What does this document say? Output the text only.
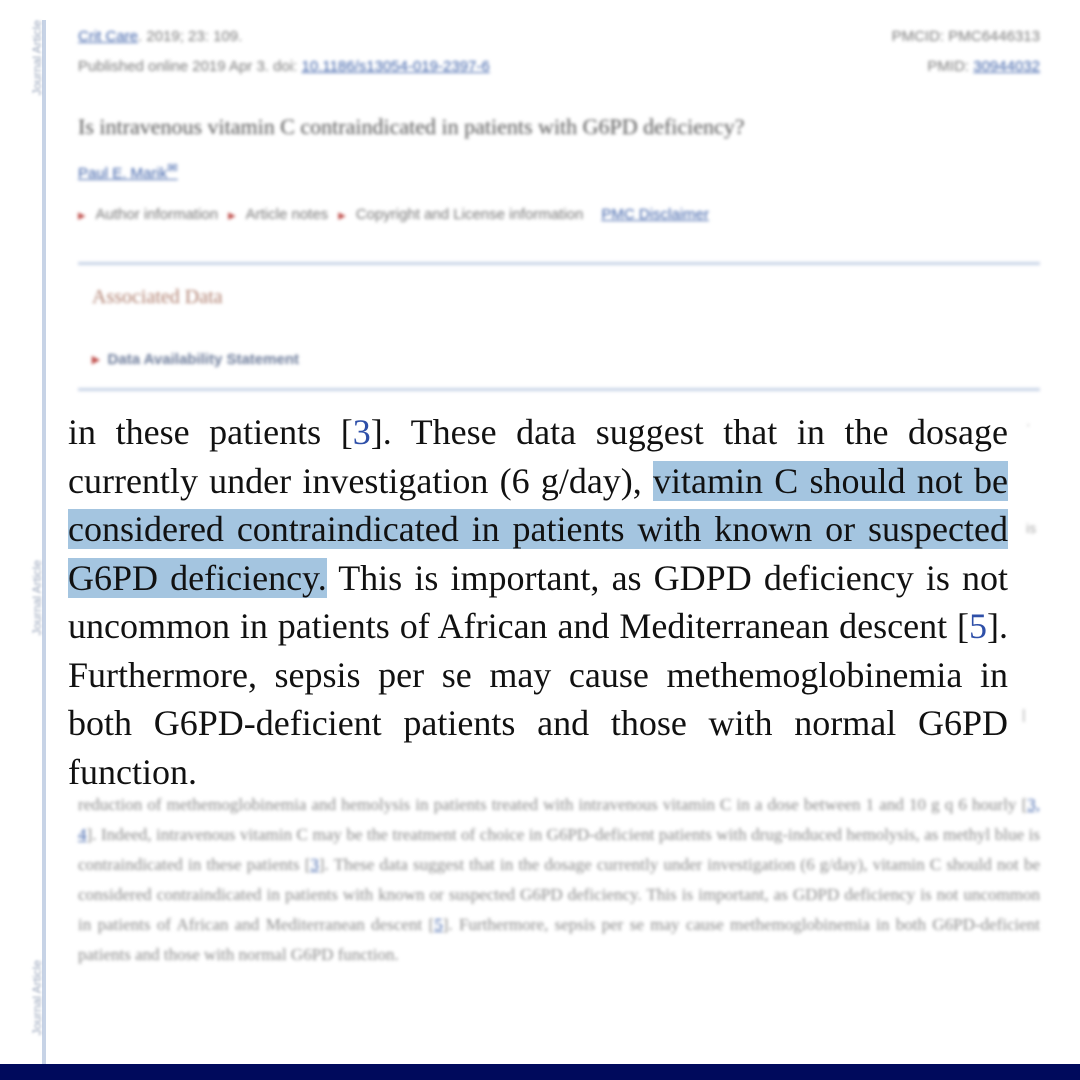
Journal Article
Journal Article
Journal Article
Crit Care. 2019; 23: 109.
Published online 2019 Apr 3. doi: 10.1186/s13054-019-2397-6
PMCID: PMC6446313
PMID: 30944032
Is intravenous vitamin C contraindicated in patients with G6PD deficiency?
Paul E. Marik✉
▸ Author information ▸ Article notes ▸ Copyright and License information PMC Disclaimer
Associated Data
▸ Data Availability Statement
reduction of methemoglobinemia and hemolysis in patients treated with intravenous vitamin C in a dose between 1 and 10 g q 6 hourly [3, 4]. Indeed, intravenous vitamin C may be the treatment of choice in G6PD-deficient patients with drug-induced hemolysis, as methyl blue is contraindicated in these patients [3]. These data suggest that in the dosage currently under investigation (6 g/day), vitamin C should not be considered contraindicated in patients with known or suspected G6PD deficiency. This is important, as GDPD deficiency is not uncommon in patients of African and Mediterranean descent [5]. Furthermore, sepsis per se may cause methemoglobinemia in both G6PD-deficient patients and those with normal G6PD function.
·
is
|
in these patients [3]. These data suggest that in the dosage currently under investigation (6 g/day), vitamin C should not be considered contraindicated in patients with known or suspected G6PD deficiency. This is important, as GDPD deficiency is not uncommon in patients of African and Mediterranean descent [5]. Furthermore, sepsis per se may cause methemoglobinemia in both G6PD-deficient patients and those with normal G6PD function.
